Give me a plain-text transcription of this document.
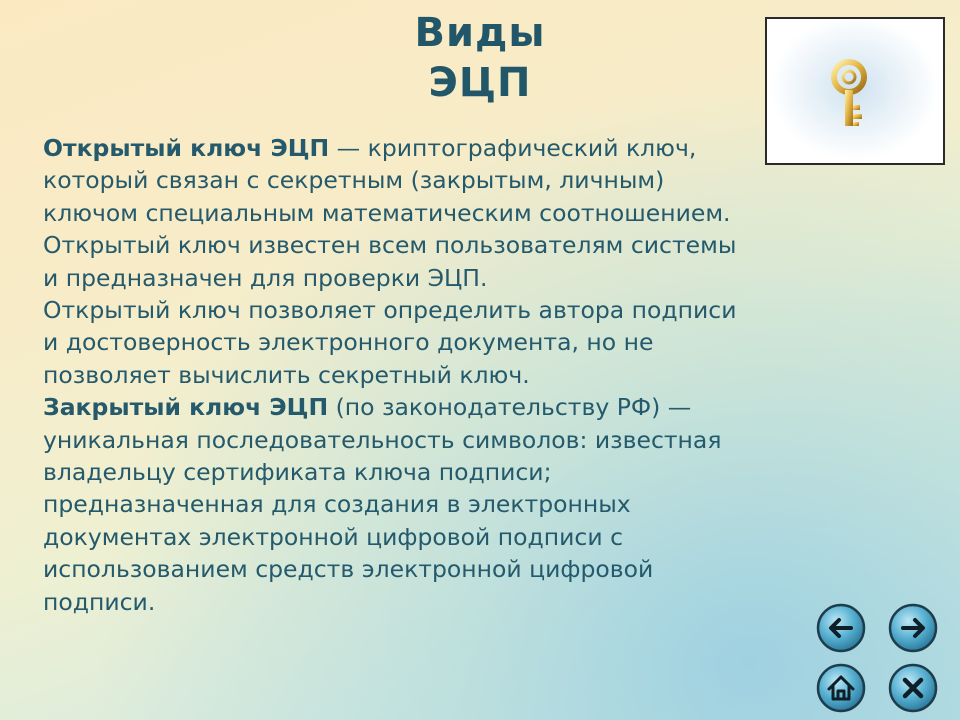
Виды
ЭЦП

Открытый ключ ЭЦП — криптографический ключ, который связан с секретным (закрытым, личным) ключом специальным математическим соотношением. Открытый ключ известен всем пользователям системы и предназначен для проверки ЭЦП.

Открытый ключ позволяет определить автора подписи и достоверность электронного документа, но не позволяет вычислить секретный ключ.

Закрытый ключ ЭЦП (по законодательству РФ) — уникальная последовательность символов: известная владельцу сертификата ключа подписи; предназначенная для создания в электронных документах электронной цифровой подписи с использованием средств электронной цифровой подписи.
